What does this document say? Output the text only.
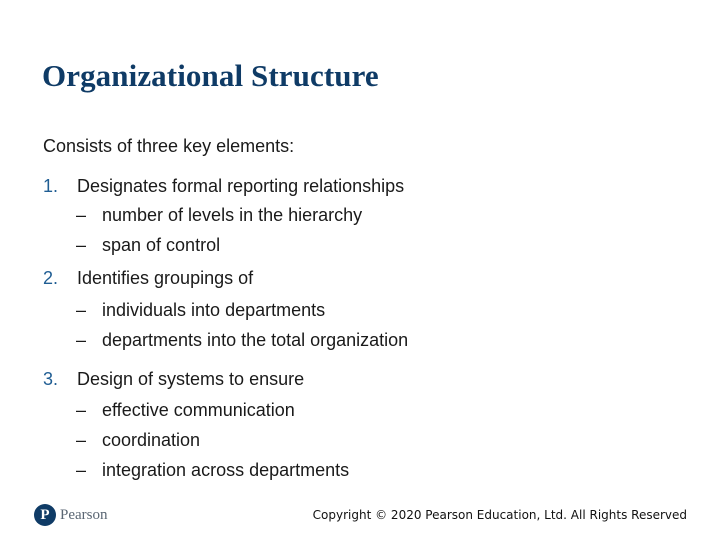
Organizational Structure

Consists of three key elements:

1. Designates formal reporting relationships
– number of levels in the hierarchy
– span of control
2. Identifies groupings of
– individuals into departments
– departments into the total organization
3. Design of systems to ensure
– effective communication
– coordination
– integration across departments
P Pearson	Copyright © 2020 Pearson Education, Ltd. All Rights Reserved
